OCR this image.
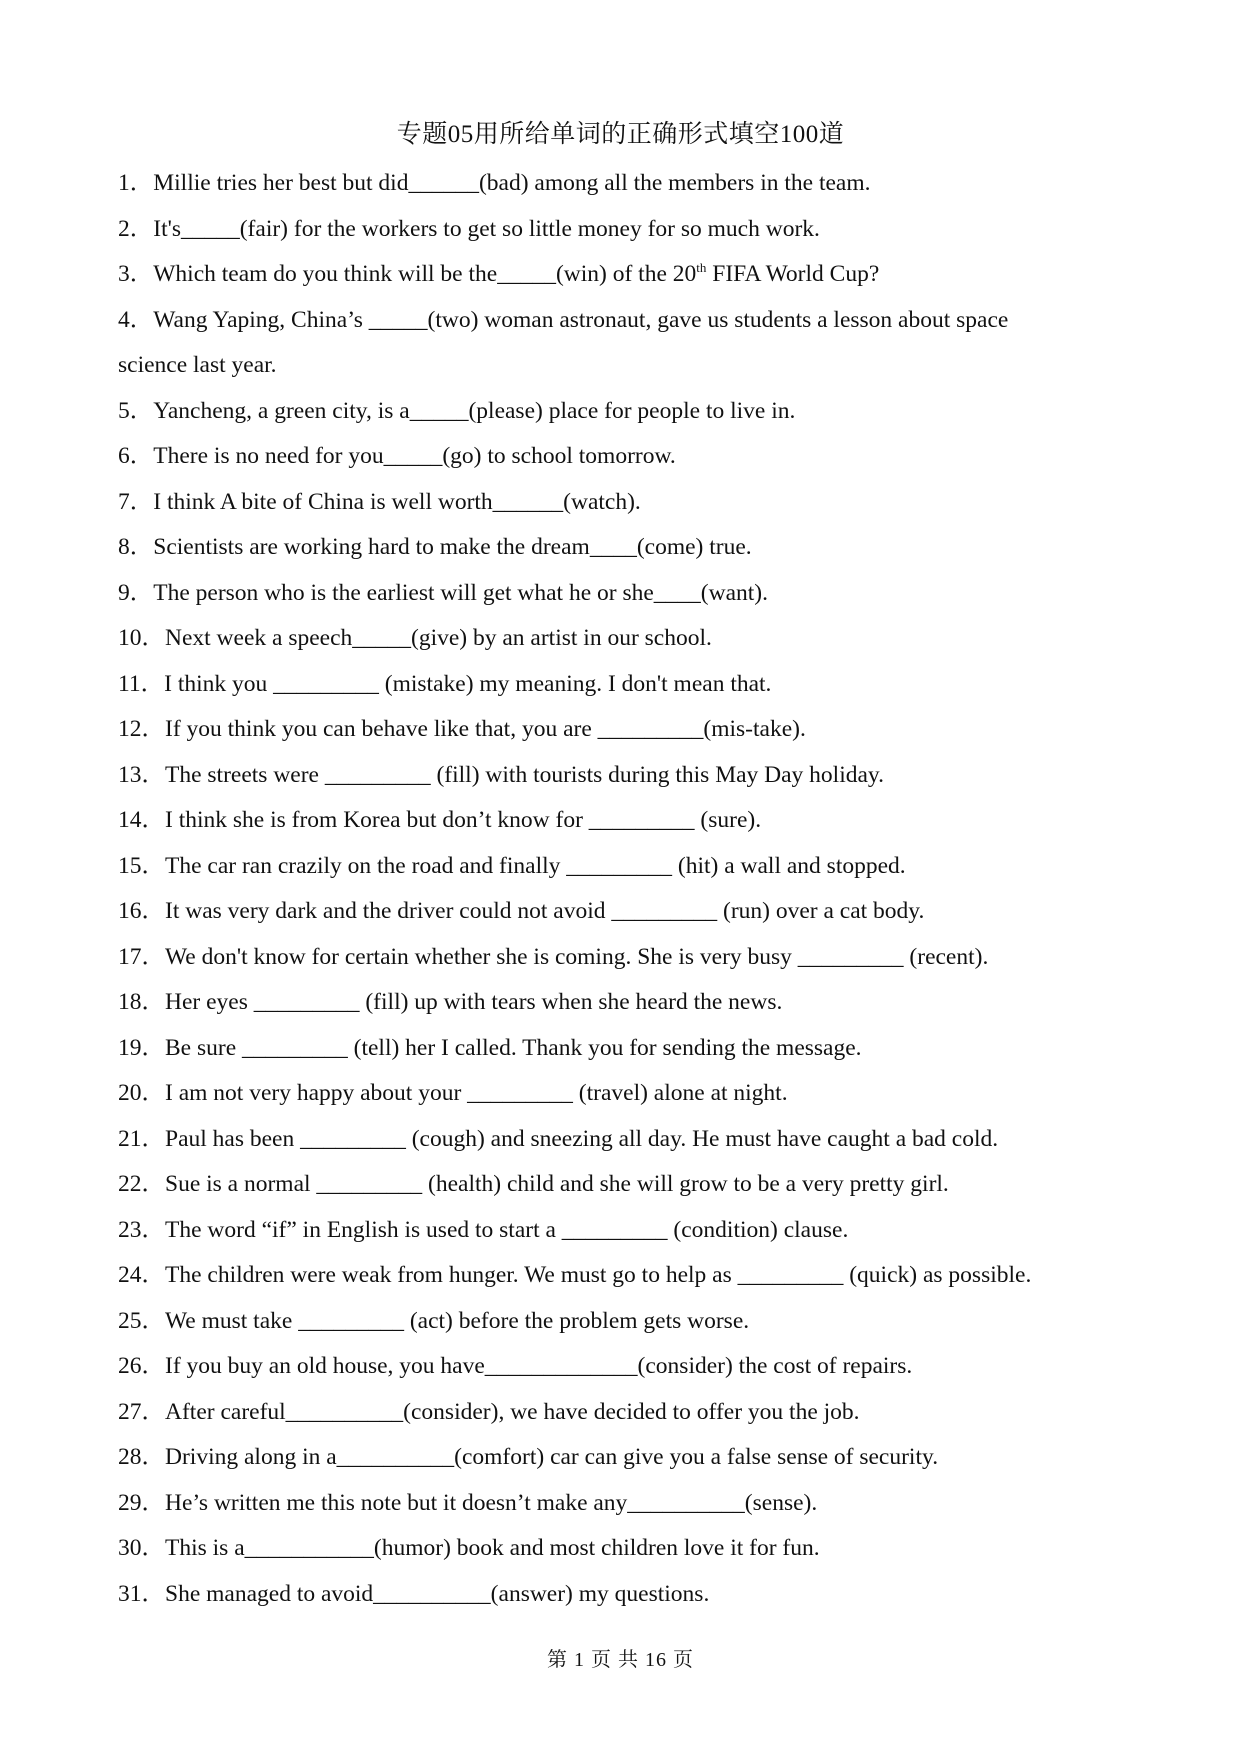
专题05用所给单词的正确形式填空100道
1．Millie tries her best but did______(bad) among all the members in the team.
2．It's_____(fair) for the workers to get so little money for so much work.
3．Which team do you think will be the_____(win) of the 20th FIFA World Cup?
4．Wang Yaping, China’s _____(two) woman astronaut, gave us students a lesson about space science last year.
5．Yancheng, a green city, is a_____(please) place for people to live in.
6．There is no need for you_____(go) to school tomorrow.
7．I think A bite of China is well worth______(watch).
8．Scientists are working hard to make the dream____(come) true.
9．The person who is the earliest will get what he or she____(want).
10．Next week a speech_____(give) by an artist in our school.
11．I think you _________ (mistake) my meaning. I don't mean that.
12．If you think you can behave like that, you are _________(mis-take).
13．The streets were _________ (fill) with tourists during this May Day holiday.
14．I think she is from Korea but don’t know for _________ (sure).
15．The car ran crazily on the road and finally _________ (hit) a wall and stopped.
16．It was very dark and the driver could not avoid _________ (run) over a cat body.
17．We don't know for certain whether she is coming. She is very busy _________ (recent).
18．Her eyes _________ (fill) up with tears when she heard the news.
19．Be sure _________ (tell) her I called. Thank you for sending the message.
20．I am not very happy about your _________ (travel) alone at night.
21．Paul has been _________ (cough) and sneezing all day. He must have caught a bad cold.
22．Sue is a normal _________ (health) child and she will grow to be a very pretty girl.
23．The word “if” in English is used to start a _________ (condition) clause.
24．The children were weak from hunger. We must go to help as _________ (quick) as possible.
25．We must take _________ (act) before the problem gets worse.
26．If you buy an old house, you have_____________(consider) the cost of repairs.
27．After careful__________(consider), we have decided to offer you the job.
28．Driving along in a__________(comfort) car can give you a false sense of security.
29．He’s written me this note but it doesn’t make any__________(sense).
30．This is a___________(humor) book and most children love it for fun.
31．She managed to avoid__________(answer) my questions.
第 1 页 共 16 页
